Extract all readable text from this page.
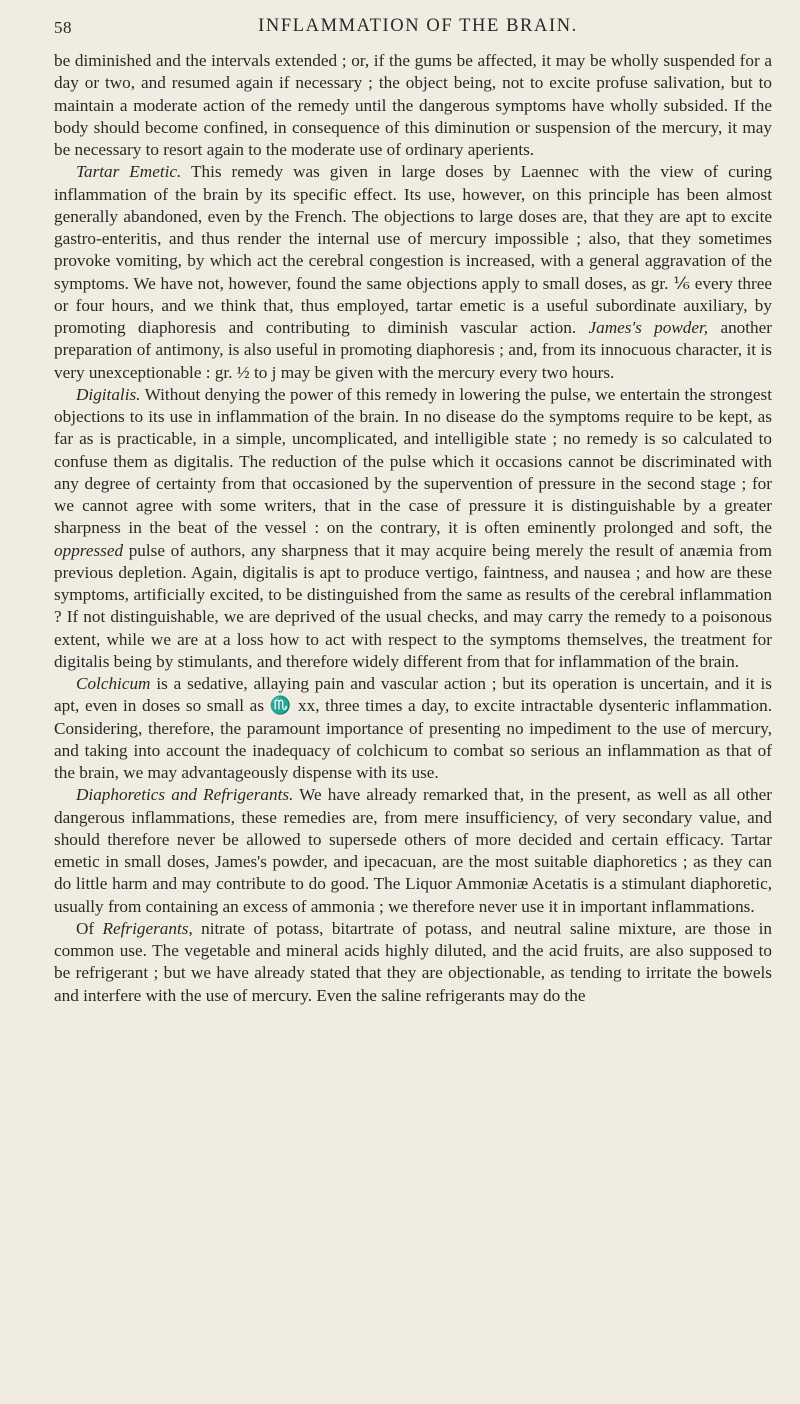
58	INFLAMMATION OF THE BRAIN.

be diminished and the intervals extended ; or, if the gums be affected, it may be wholly suspended for a day or two, and resumed again if necessary ; the object being, not to excite profuse salivation, but to maintain a moderate action of the remedy until the dangerous symptoms have wholly subsided. If the body should become confined, in consequence of this diminution or suspension of the mercury, it may be necessary to resort again to the moderate use of ordinary aperients.

Tartar Emetic. This remedy was given in large doses by Laennec with the view of curing inflammation of the brain by its specific effect. Its use, however, on this principle has been almost generally abandoned, even by the French. The objections to large doses are, that they are apt to excite gastro-enteritis, and thus render the internal use of mercury impossible ; also, that they sometimes provoke vomiting, by which act the cerebral congestion is increased, with a general aggravation of the symptoms. We have not, however, found the same objections apply to small doses, as gr. ⅙ every three or four hours, and we think that, thus employed, tartar emetic is a useful subordinate auxiliary, by promoting diaphoresis and contributing to diminish vascular action. James's powder, another preparation of antimony, is also useful in promoting diaphoresis ; and, from its innocuous character, it is very unexceptionable : gr. ½ to j may be given with the mercury every two hours.

Digitalis. Without denying the power of this remedy in lowering the pulse, we entertain the strongest objections to its use in inflammation of the brain. In no disease do the symptoms require to be kept, as far as is practicable, in a simple, uncomplicated, and intelligible state ; no remedy is so calculated to confuse them as digitalis. The reduction of the pulse which it occasions cannot be discriminated with any degree of certainty from that occasioned by the supervention of pressure in the second stage ; for we cannot agree with some writers, that in the case of pressure it is distinguishable by a greater sharpness in the beat of the vessel : on the contrary, it is often eminently prolonged and soft, the oppressed pulse of authors, any sharpness that it may acquire being merely the result of anæmia from previous depletion. Again, digitalis is apt to produce vertigo, faintness, and nausea ; and how are these symptoms, artificially excited, to be distinguished from the same as results of the cerebral inflammation ? If not distinguishable, we are deprived of the usual checks, and may carry the remedy to a poisonous extent, while we are at a loss how to act with respect to the symptoms themselves, the treatment for digitalis being by stimulants, and therefore widely different from that for inflammation of the brain.

Colchicum is a sedative, allaying pain and vascular action ; but its operation is uncertain, and it is apt, even in doses so small as ♏ xx, three times a day, to excite intractable dysenteric inflammation. Considering, therefore, the paramount importance of presenting no impediment to the use of mercury, and taking into account the inadequacy of colchicum to combat so serious an inflammation as that of the brain, we may advantageously dispense with its use.

Diaphoretics and Refrigerants. We have already remarked that, in the present, as well as all other dangerous inflammations, these remedies are, from mere insufficiency, of very secondary value, and should therefore never be allowed to supersede others of more decided and certain efficacy. Tartar emetic in small doses, James's powder, and ipecacuan, are the most suitable diaphoretics ; as they can do little harm and may contribute to do good. The Liquor Ammoniæ Acetatis is a stimulant diaphoretic, usually from containing an excess of ammonia ; we therefore never use it in important inflammations.

Of Refrigerants, nitrate of potass, bitartrate of potass, and neutral saline mixture, are those in common use. The vegetable and mineral acids highly diluted, and the acid fruits, are also supposed to be refrigerant ; but we have already stated that they are objectionable, as tending to irritate the bowels and interfere with the use of mercury. Even the saline refrigerants may do the
